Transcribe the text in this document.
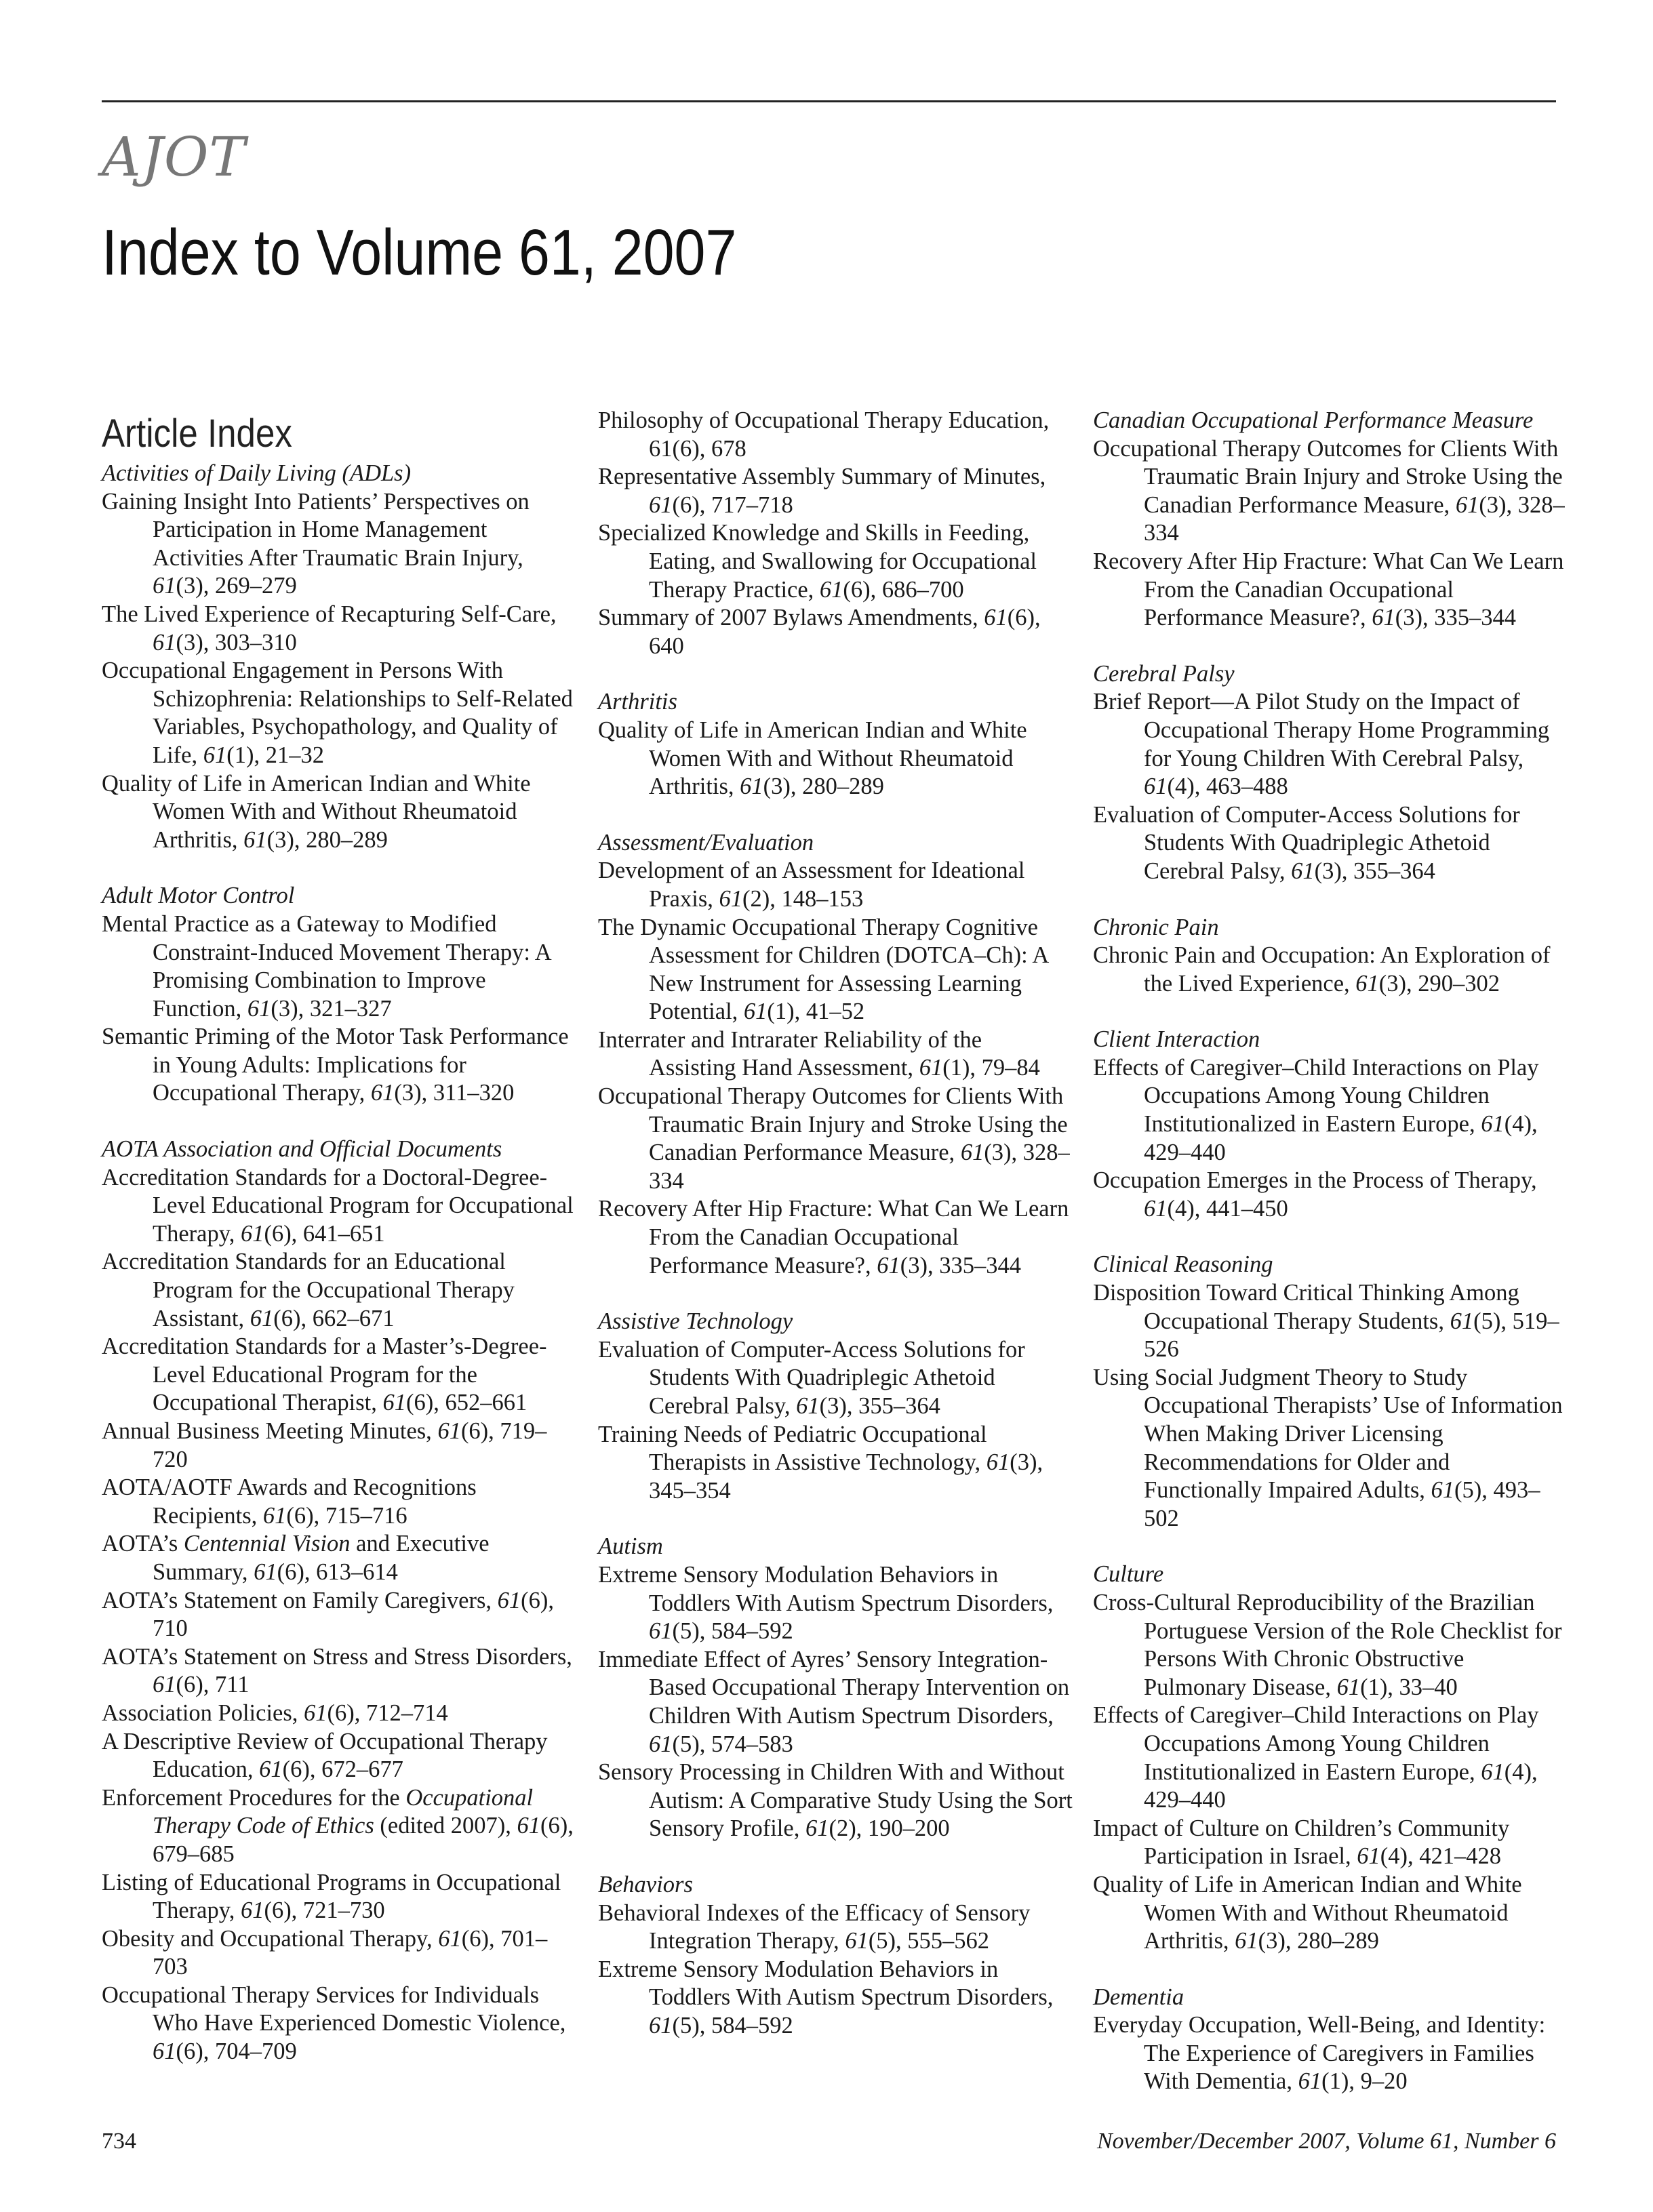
AJOT
Index to Volume 61, 2007
Article Index
Activities of Daily Living (ADLs)
Gaining Insight Into Patients’ Perspectives on Participation in Home Management Activities After Traumatic Brain Injury, 61(3), 269–279
The Lived Experience of Recapturing Self-Care, 61(3), 303–310
Occupational Engagement in Persons With Schizophrenia: Relationships to Self-Related Variables, Psychopathology, and Quality of Life, 61(1), 21–32
Quality of Life in American Indian and White Women With and Without Rheumatoid Arthritis, 61(3), 280–289
Adult Motor Control
Mental Practice as a Gateway to Modified Constraint-Induced Movement Therapy: A Promising Combination to Improve Function, 61(3), 321–327
Semantic Priming of the Motor Task Performance in Young Adults: Implications for Occupational Therapy, 61(3), 311–320
AOTA Association and Official Documents
Accreditation Standards for a Doctoral-Degree-Level Educational Program for Occupational Therapy, 61(6), 641–651
Accreditation Standards for an Educational Program for the Occupational Therapy Assistant, 61(6), 662–671
Accreditation Standards for a Master’s-Degree-Level Educational Program for the Occupational Therapist, 61(6), 652–661
Annual Business Meeting Minutes, 61(6), 719–720
AOTA/AOTF Awards and Recognitions Recipients, 61(6), 715–716
AOTA’s Centennial Vision and Executive Summary, 61(6), 613–614
AOTA’s Statement on Family Caregivers, 61(6), 710
AOTA’s Statement on Stress and Stress Disorders, 61(6), 711
Association Policies, 61(6), 712–714
A Descriptive Review of Occupational Therapy Education, 61(6), 672–677
Enforcement Procedures for the Occupational Therapy Code of Ethics (edited 2007), 61(6), 679–685
Listing of Educational Programs in Occupational Therapy, 61(6), 721–730
Obesity and Occupational Therapy, 61(6), 701–703
Occupational Therapy Services for Individuals Who Have Experienced Domestic Violence, 61(6), 704–709
Philosophy of Occupational Therapy Education, 61(6), 678
Representative Assembly Summary of Minutes, 61(6), 717–718
Specialized Knowledge and Skills in Feeding, Eating, and Swallowing for Occupational Therapy Practice, 61(6), 686–700
Summary of 2007 Bylaws Amendments, 61(6), 640
Arthritis
Quality of Life in American Indian and White Women With and Without Rheumatoid Arthritis, 61(3), 280–289
Assessment/Evaluation
Development of an Assessment for Ideational Praxis, 61(2), 148–153
The Dynamic Occupational Therapy Cognitive Assessment for Children (DOTCA–Ch): A New Instrument for Assessing Learning Potential, 61(1), 41–52
Interrater and Intrarater Reliability of the Assisting Hand Assessment, 61(1), 79–84
Occupational Therapy Outcomes for Clients With Traumatic Brain Injury and Stroke Using the Canadian Performance Measure, 61(3), 328–334
Recovery After Hip Fracture: What Can We Learn From the Canadian Occupational Performance Measure?, 61(3), 335–344
Assistive Technology
Evaluation of Computer-Access Solutions for Students With Quadriplegic Athetoid Cerebral Palsy, 61(3), 355–364
Training Needs of Pediatric Occupational Therapists in Assistive Technology, 61(3), 345–354
Autism
Extreme Sensory Modulation Behaviors in Toddlers With Autism Spectrum Disorders, 61(5), 584–592
Immediate Effect of Ayres’ Sensory Integration-Based Occupational Therapy Intervention on Children With Autism Spectrum Disorders, 61(5), 574–583
Sensory Processing in Children With and Without Autism: A Comparative Study Using the Sort Sensory Profile, 61(2), 190–200
Behaviors
Behavioral Indexes of the Efficacy of Sensory Integration Therapy, 61(5), 555–562
Extreme Sensory Modulation Behaviors in Toddlers With Autism Spectrum Disorders, 61(5), 584–592
Canadian Occupational Performance Measure
Occupational Therapy Outcomes for Clients With Traumatic Brain Injury and Stroke Using the Canadian Performance Measure, 61(3), 328–334
Recovery After Hip Fracture: What Can We Learn From the Canadian Occupational Performance Measure?, 61(3), 335–344
Cerebral Palsy
Brief Report—A Pilot Study on the Impact of Occupational Therapy Home Programming for Young Children With Cerebral Palsy, 61(4), 463–488
Evaluation of Computer-Access Solutions for Students With Quadriplegic Athetoid Cerebral Palsy, 61(3), 355–364
Chronic Pain
Chronic Pain and Occupation: An Exploration of the Lived Experience, 61(3), 290–302
Client Interaction
Effects of Caregiver–Child Interactions on Play Occupations Among Young Children Institutionalized in Eastern Europe, 61(4), 429–440
Occupation Emerges in the Process of Therapy, 61(4), 441–450
Clinical Reasoning
Disposition Toward Critical Thinking Among Occupational Therapy Students, 61(5), 519–526
Using Social Judgment Theory to Study Occupational Therapists’ Use of Information When Making Driver Licensing Recommendations for Older and Functionally Impaired Adults, 61(5), 493–502
Culture
Cross-Cultural Reproducibility of the Brazilian Portuguese Version of the Role Checklist for Persons With Chronic Obstructive Pulmonary Disease, 61(1), 33–40
Effects of Caregiver–Child Interactions on Play Occupations Among Young Children Institutionalized in Eastern Europe, 61(4), 429–440
Impact of Culture on Children’s Community Participation in Israel, 61(4), 421–428
Quality of Life in American Indian and White Women With and Without Rheumatoid Arthritis, 61(3), 280–289
Dementia
Everyday Occupation, Well-Being, and Identity: The Experience of Caregivers in Families With Dementia, 61(1), 9–20
734	November/December 2007, Volume 61, Number 6
